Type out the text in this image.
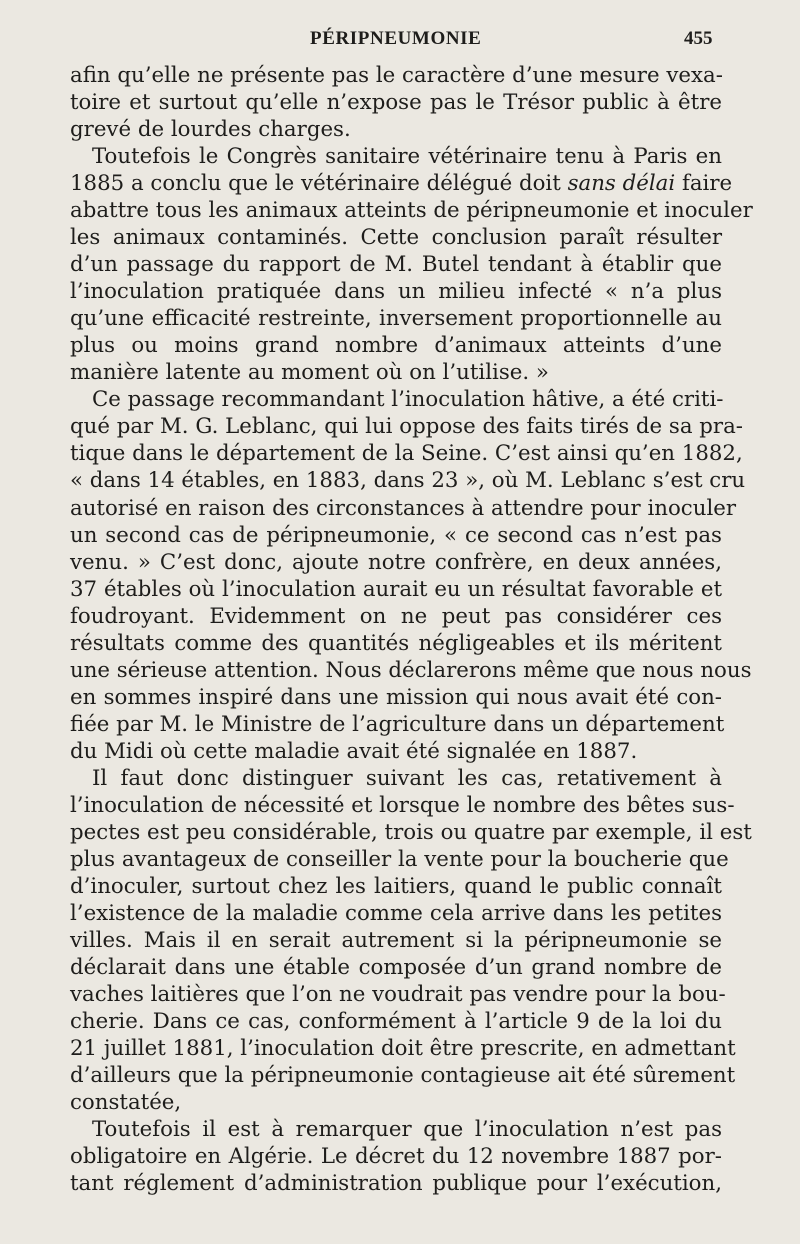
PÉRIPNEUMONIE	455
afin qu’elle ne présente pas le caractère d’une mesure vexa-
toire et surtout qu’elle n’expose pas le Trésor public à être
grevé de lourdes charges.
Toutefois le Congrès sanitaire vétérinaire tenu à Paris en
1885 a conclu que le vétérinaire délégué doit sans délai faire
abattre tous les animaux atteints de péripneumonie et inoculer
les animaux contaminés. Cette conclusion paraît résulter
d’un passage du rapport de M. Butel tendant à établir que
l’inoculation pratiquée dans un milieu infecté « n’a plus
qu’une efficacité restreinte, inversement proportionnelle au
plus ou moins grand nombre d’animaux atteints d’une
manière latente au moment où on l’utilise. »
Ce passage recommandant l’inoculation hâtive, a été criti-
qué par M. G. Leblanc, qui lui oppose des faits tirés de sa pra-
tique dans le département de la Seine. C’est ainsi qu’en 1882,
« dans 14 étables, en 1883, dans 23 », où M. Leblanc s’est cru
autorisé en raison des circonstances à attendre pour inoculer
un second cas de péripneumonie, « ce second cas n’est pas
venu. » C’est donc, ajoute notre confrère, en deux années,
37 étables où l’inoculation aurait eu un résultat favorable et
foudroyant. Evidemment on ne peut pas considérer ces
résultats comme des quantités négligeables et ils méritent
une sérieuse attention. Nous déclarerons même que nous nous
en sommes inspiré dans une mission qui nous avait été con-
fiée par M. le Ministre de l’agriculture dans un département
du Midi où cette maladie avait été signalée en 1887.
Il faut donc distinguer suivant les cas, retativement à
l’inoculation de nécessité et lorsque le nombre des bêtes sus-
pectes est peu considérable, trois ou quatre par exemple, il est
plus avantageux de conseiller la vente pour la boucherie que
d’inoculer, surtout chez les laitiers, quand le public connaît
l’existence de la maladie comme cela arrive dans les petites
villes. Mais il en serait autrement si la péripneumonie se
déclarait dans une étable composée d’un grand nombre de
vaches laitières que l’on ne voudrait pas vendre pour la bou-
cherie. Dans ce cas, conformément à l’article 9 de la loi du
21 juillet 1881, l’inoculation doit être prescrite, en admettant
d’ailleurs que la péripneumonie contagieuse ait été sûrement
constatée,
Toutefois il est à remarquer que l’inoculation n’est pas
obligatoire en Algérie. Le décret du 12 novembre 1887 por-
tant réglement d’administration publique pour l’exécution,
